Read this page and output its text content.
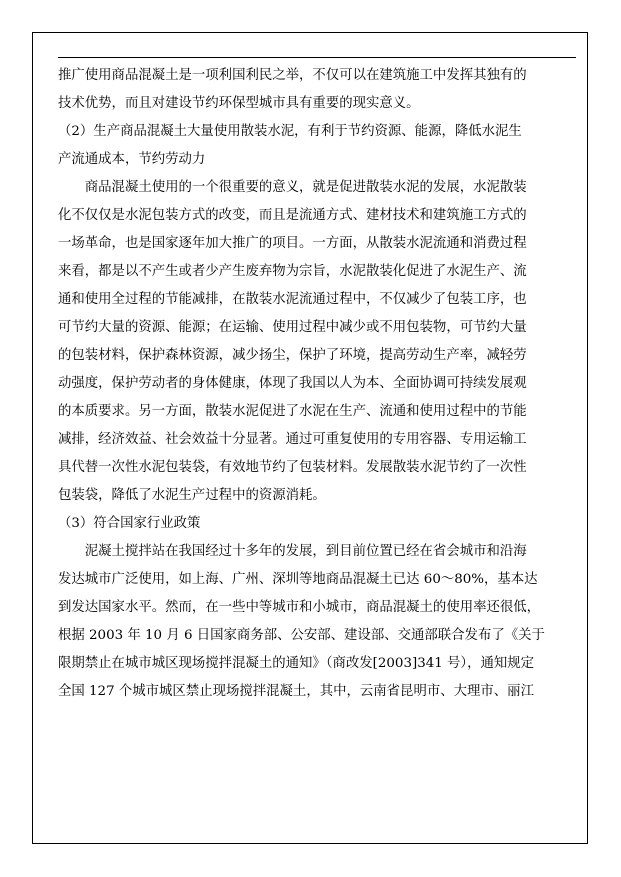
推广使用商品混凝土是一项利国利民之举，不仅可以在建筑施工中发挥其独有的
技术优势，而且对建设节约环保型城市具有重要的现实意义。
（2）生产商品混凝土大量使用散装水泥，有利于节约资源、能源，降低水泥生
产流通成本，节约劳动力
　　商品混凝土使用的一个很重要的意义，就是促进散装水泥的发展，水泥散装
化不仅仅是水泥包装方式的改变，而且是流通方式、建材技术和建筑施工方式的
一场革命，也是国家逐年加大推广的项目。一方面，从散装水泥流通和消费过程
来看，都是以不产生或者少产生废弃物为宗旨，水泥散装化促进了水泥生产、流
通和使用全过程的节能减排，在散装水泥流通过程中，不仅减少了包装工序，也
可节约大量的资源、能源；在运输、使用过程中减少或不用包装物，可节约大量
的包装材料，保护森林资源，减少扬尘，保护了环境，提高劳动生产率，减轻劳
动强度，保护劳动者的身体健康，体现了我国以人为本、全面协调可持续发展观
的本质要求。另一方面，散装水泥促进了水泥在生产、流通和使用过程中的节能
减排，经济效益、社会效益十分显著。通过可重复使用的专用容器、专用运输工
具代替一次性水泥包装袋，有效地节约了包装材料。发展散装水泥节约了一次性
包装袋，降低了水泥生产过程中的资源消耗。
（3）符合国家行业政策
　　泥凝土搅拌站在我国经过十多年的发展，到目前位置已经在省会城市和沿海
发达城市广泛使用，如上海、广州、深圳等地商品混凝土已达 60～80%，基本达
到发达国家水平。然而，在一些中等城市和小城市，商品混凝土的使用率还很低，
根据 2003 年 10 月 6 日国家商务部、公安部、建设部、交通部联合发布了《关于
限期禁止在城市城区现场搅拌混凝土的通知》（商改发[2003]341 号），通知规定
全国 127 个城市城区禁止现场搅拌混凝土，其中，云南省昆明市、大理市、丽江
